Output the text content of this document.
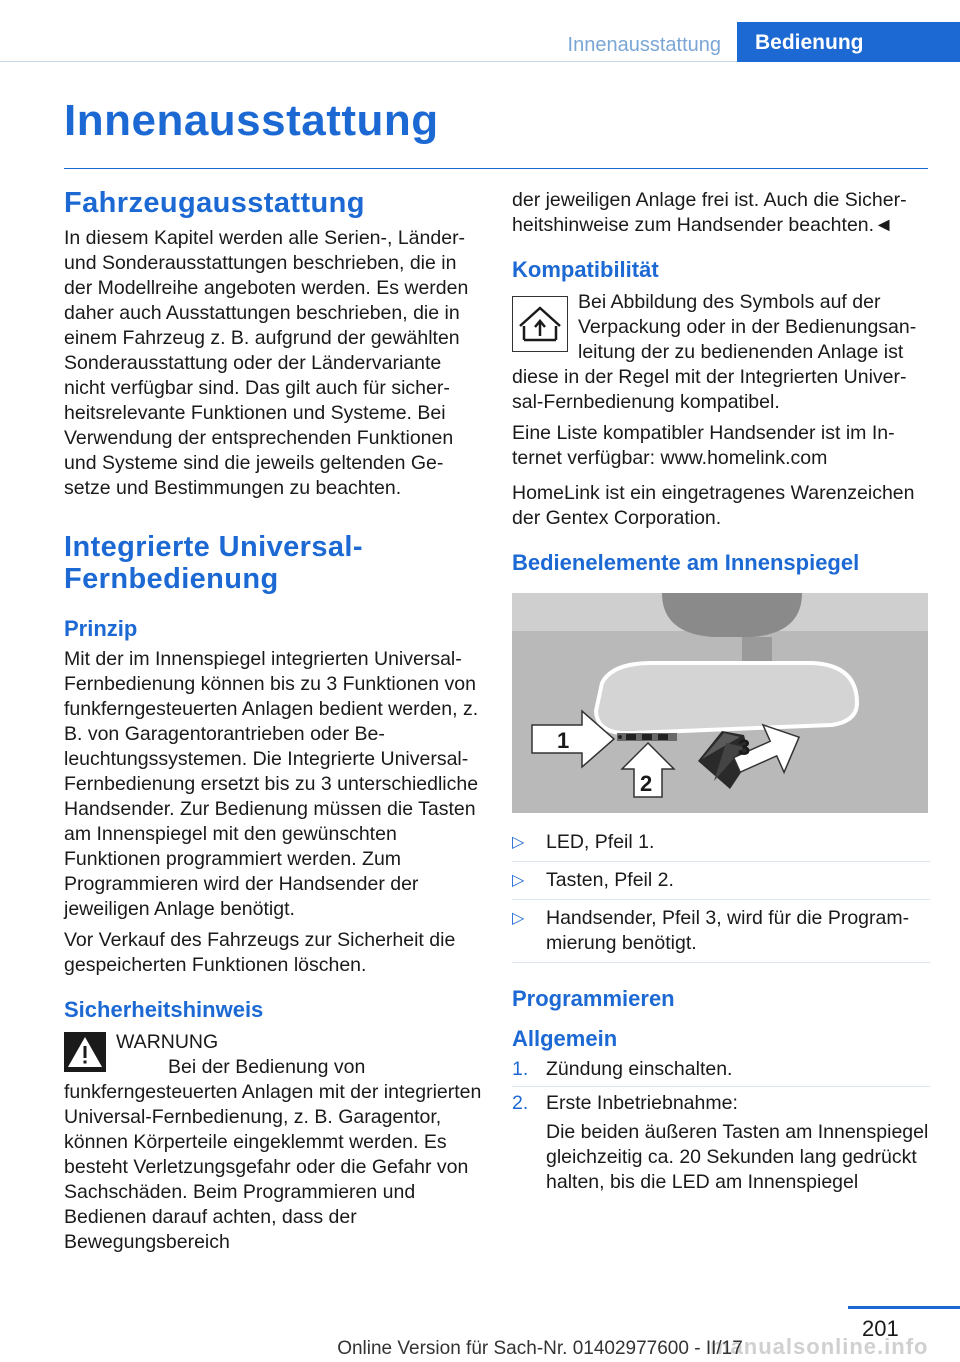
Innenausstattung	Bedienung
Innenausstattung
Fahrzeugausstattung

In diesem Kapitel werden alle Serien-, Länder- und Sonderausstattungen beschrieben, die in der Modellreihe angeboten werden. Es werden daher auch Ausstattungen beschrieben, die in einem Fahrzeug z. B. aufgrund der gewählten Sonderausstattung oder der Ländervariante nicht verfügbar sind. Das gilt auch für sicherheitsrelevante Funktionen und Systeme. Bei Verwendung der entsprechenden Funktionen und Systeme sind die jeweils geltenden Gesetze und Bestimmungen zu beachten.

Integrierte Universal-
Fernbedienung
Prinzip

Mit der im Innenspiegel integrierten Universal-Fernbedienung können bis zu 3 Funktionen von funkferngesteuerten Anlagen bedient werden, z. B. von Garagentorantrieben oder Beleuchtungssystemen. Die Integrierte Universal-Fernbedienung ersetzt bis zu 3 unterschiedliche Handsender. Zur Bedienung müssen die Tasten am Innenspiegel mit den gewünschten Funktionen programmiert werden. Zum Programmieren wird der Handsender der jeweiligen Anlage benötigt.

Vor Verkauf des Fahrzeugs zur Sicherheit die gespeicherten Funktionen löschen.

Sicherheitshinweis

WARNUNG

Bei der Bedienung von funkferngesteuerten Anlagen mit der integrierten Universal-Fernbedienung, z. B. Garagentor, können Körperteile eingeklemmt werden. Es besteht Verletzungsgefahr oder die Gefahr von Sachschäden. Beim Programmieren und Bedienen darauf achten, dass der Bewegungsbereich

der jeweiligen Anlage frei ist. Auch die Sicherheitshinweise zum Handsender beachten.◄

Kompatibilität

Bei Abbildung des Symbols auf der Verpackung oder in der Bedienungsanleitung der zu bedienenden Anlage ist diese in der Regel mit der Integrierten Universal-Fernbedienung kompatibel.

Eine Liste kompatibler Handsender ist im Internet verfügbar: www.homelink.com

HomeLink ist ein eingetragenes Warenzeichen der Gentex Corporation.

Bedienelemente am Innenspiegel
1
2
3
▷ LED, Pfeil 1.
▷ Tasten, Pfeil 2.
▷ Handsender, Pfeil 3, wird für die Programmierung benötigt.
Programmieren
Allgemein
1. Zündung einschalten.
2. Erste Inbetriebnahme:
Die beiden äußeren Tasten am Innenspiegel gleichzeitig ca. 20 Sekunden lang gedrückt halten, bis die LED am Innenspiegel
201
manualsonline.info
Online Version für Sach-Nr. 01402977600 - II/17
